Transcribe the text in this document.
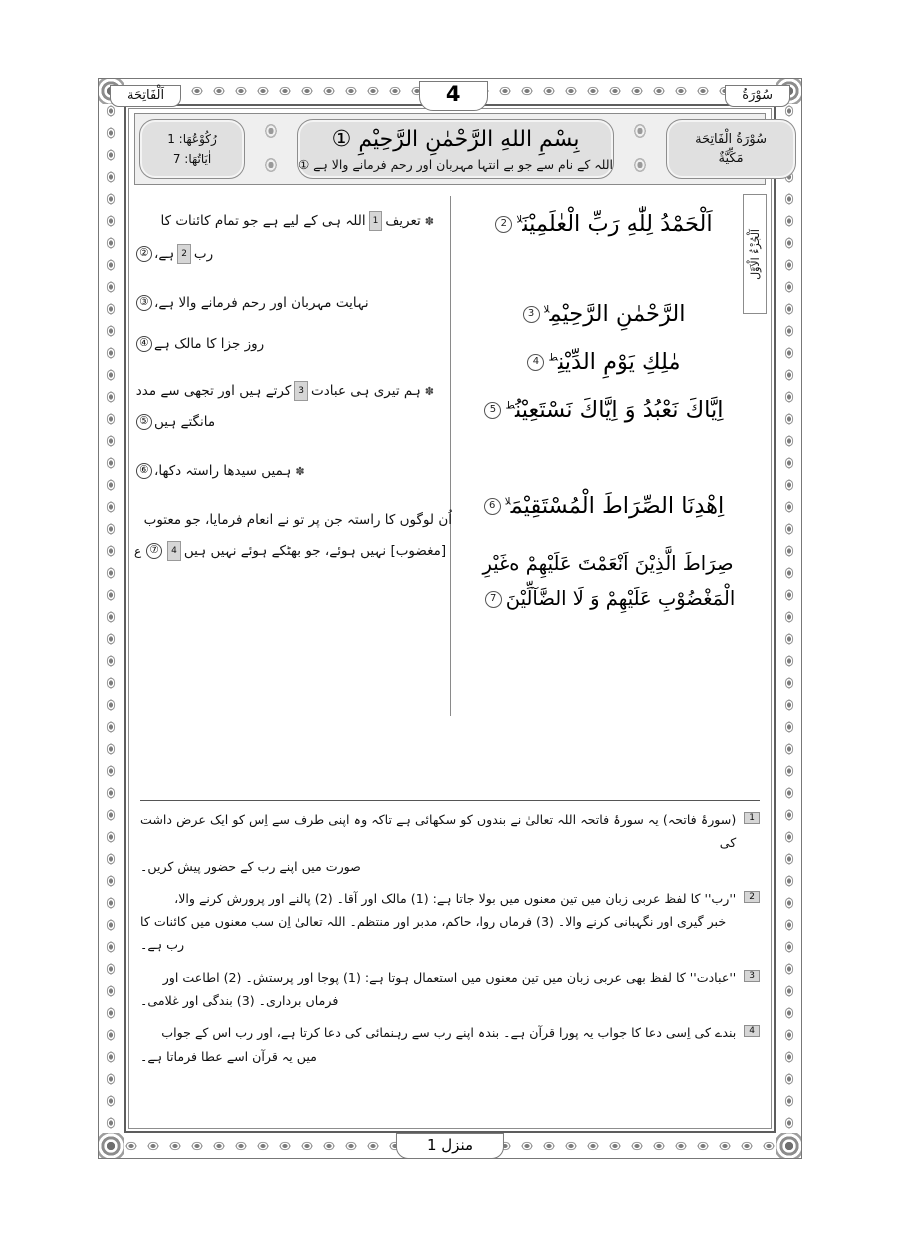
اَلْفَاتِحَة	4	سُوْرَةُ
رُكُوْعُهَا: 1
اٰيَاتُهَا: 7
بِسْمِ اللهِ الرَّحْمٰنِ الرَّحِيْمِ ①
اللہ کے نام سے جو بے انتہا مہربان اور رحم فرمانے والا ہے ①
سُوْرَةُ الْفَاتِحَة
مَكِّيَّةٌ
اَلْجُزْءُ الْاَوَّل
اَلْحَمْدُ لِلّٰهِ رَبِّ الْعٰلَمِيْنَ$^{لا}$2
الرَّحْمٰنِ الرَّحِيْمِ$^{لا}$3
مٰلِكِ يَوْمِ الدِّيْنِ$^ط$4
اِيَّاكَ نَعْبُدُ وَ اِيَّاكَ نَسْتَعِيْنُ$^ط$5
اِهْدِنَا الصِّرَاطَ الْمُسْتَقِيْمَ$^{لا}$6
صِرَاطَ الَّذِيْنَ اَنْعَمْتَ عَلَيْهِمْ ەغَيْرِ الْمَغْضُوْبِ عَلَيْهِمْ وَ لَا الضَّآلِّيْنَ7
✽تعریف1اللہ ہی کے لیے ہے جو تمام کائنات کا
رب2ہے،②
نہایت مہربان اور رحم فرمانے والا ہے،③
روز جزا کا مالک ہے④
✽ہم تیری ہی عبادت3کرتے ہیں اور تجھی سے مدد
مانگتے ہیں⑤
✽ہمیں سیدھا راستہ دکھا،⑥
اُن لوگوں کا راستہ جن پر تو نے انعام فرمایا، جو معتوب
[مغضوب] نہیں ہوئے، جو بھٹکے ہوئے نہیں ہیں4⑦ع
1
(سورۂ فاتحہ) یہ سورۂ فاتحہ اللہ تعالیٰ نے بندوں کو سکھائی ہے تاکہ وہ اپنی طرف سے اِس کو ایک عرض داشت کی
صورت میں اپنے رب کے حضور پیش کریں۔
2
''رب'' کا لفظ عربی زبان میں تین معنوں میں بولا جاتا ہے: (1) مالک اور آقا۔ (2) پالنے اور پرورش کرنے والا،
خبر گیری اور نگہبانی کرنے والا۔ (3) فرماں روا، حاکم، مدبر اور منتظم۔ اللہ تعالیٰ اِن سب معنوں میں کائنات کا رب ہے۔
3
''عبادت'' کا لفظ بھی عربی زبان میں تین معنوں میں استعمال ہوتا ہے: (1) پوجا اور پرستش۔ (2) اطاعت اور
فرماں برداری۔ (3) بندگی اور غلامی۔
4
بندے کی اِسی دعا کا جواب یہ پورا قرآن ہے۔ بندہ اپنے رب سے رہنمائی کی دعا کرتا ہے، اور رب اس کے جواب
میں یہ قرآن اسے عطا فرماتا ہے۔
منزل 1
